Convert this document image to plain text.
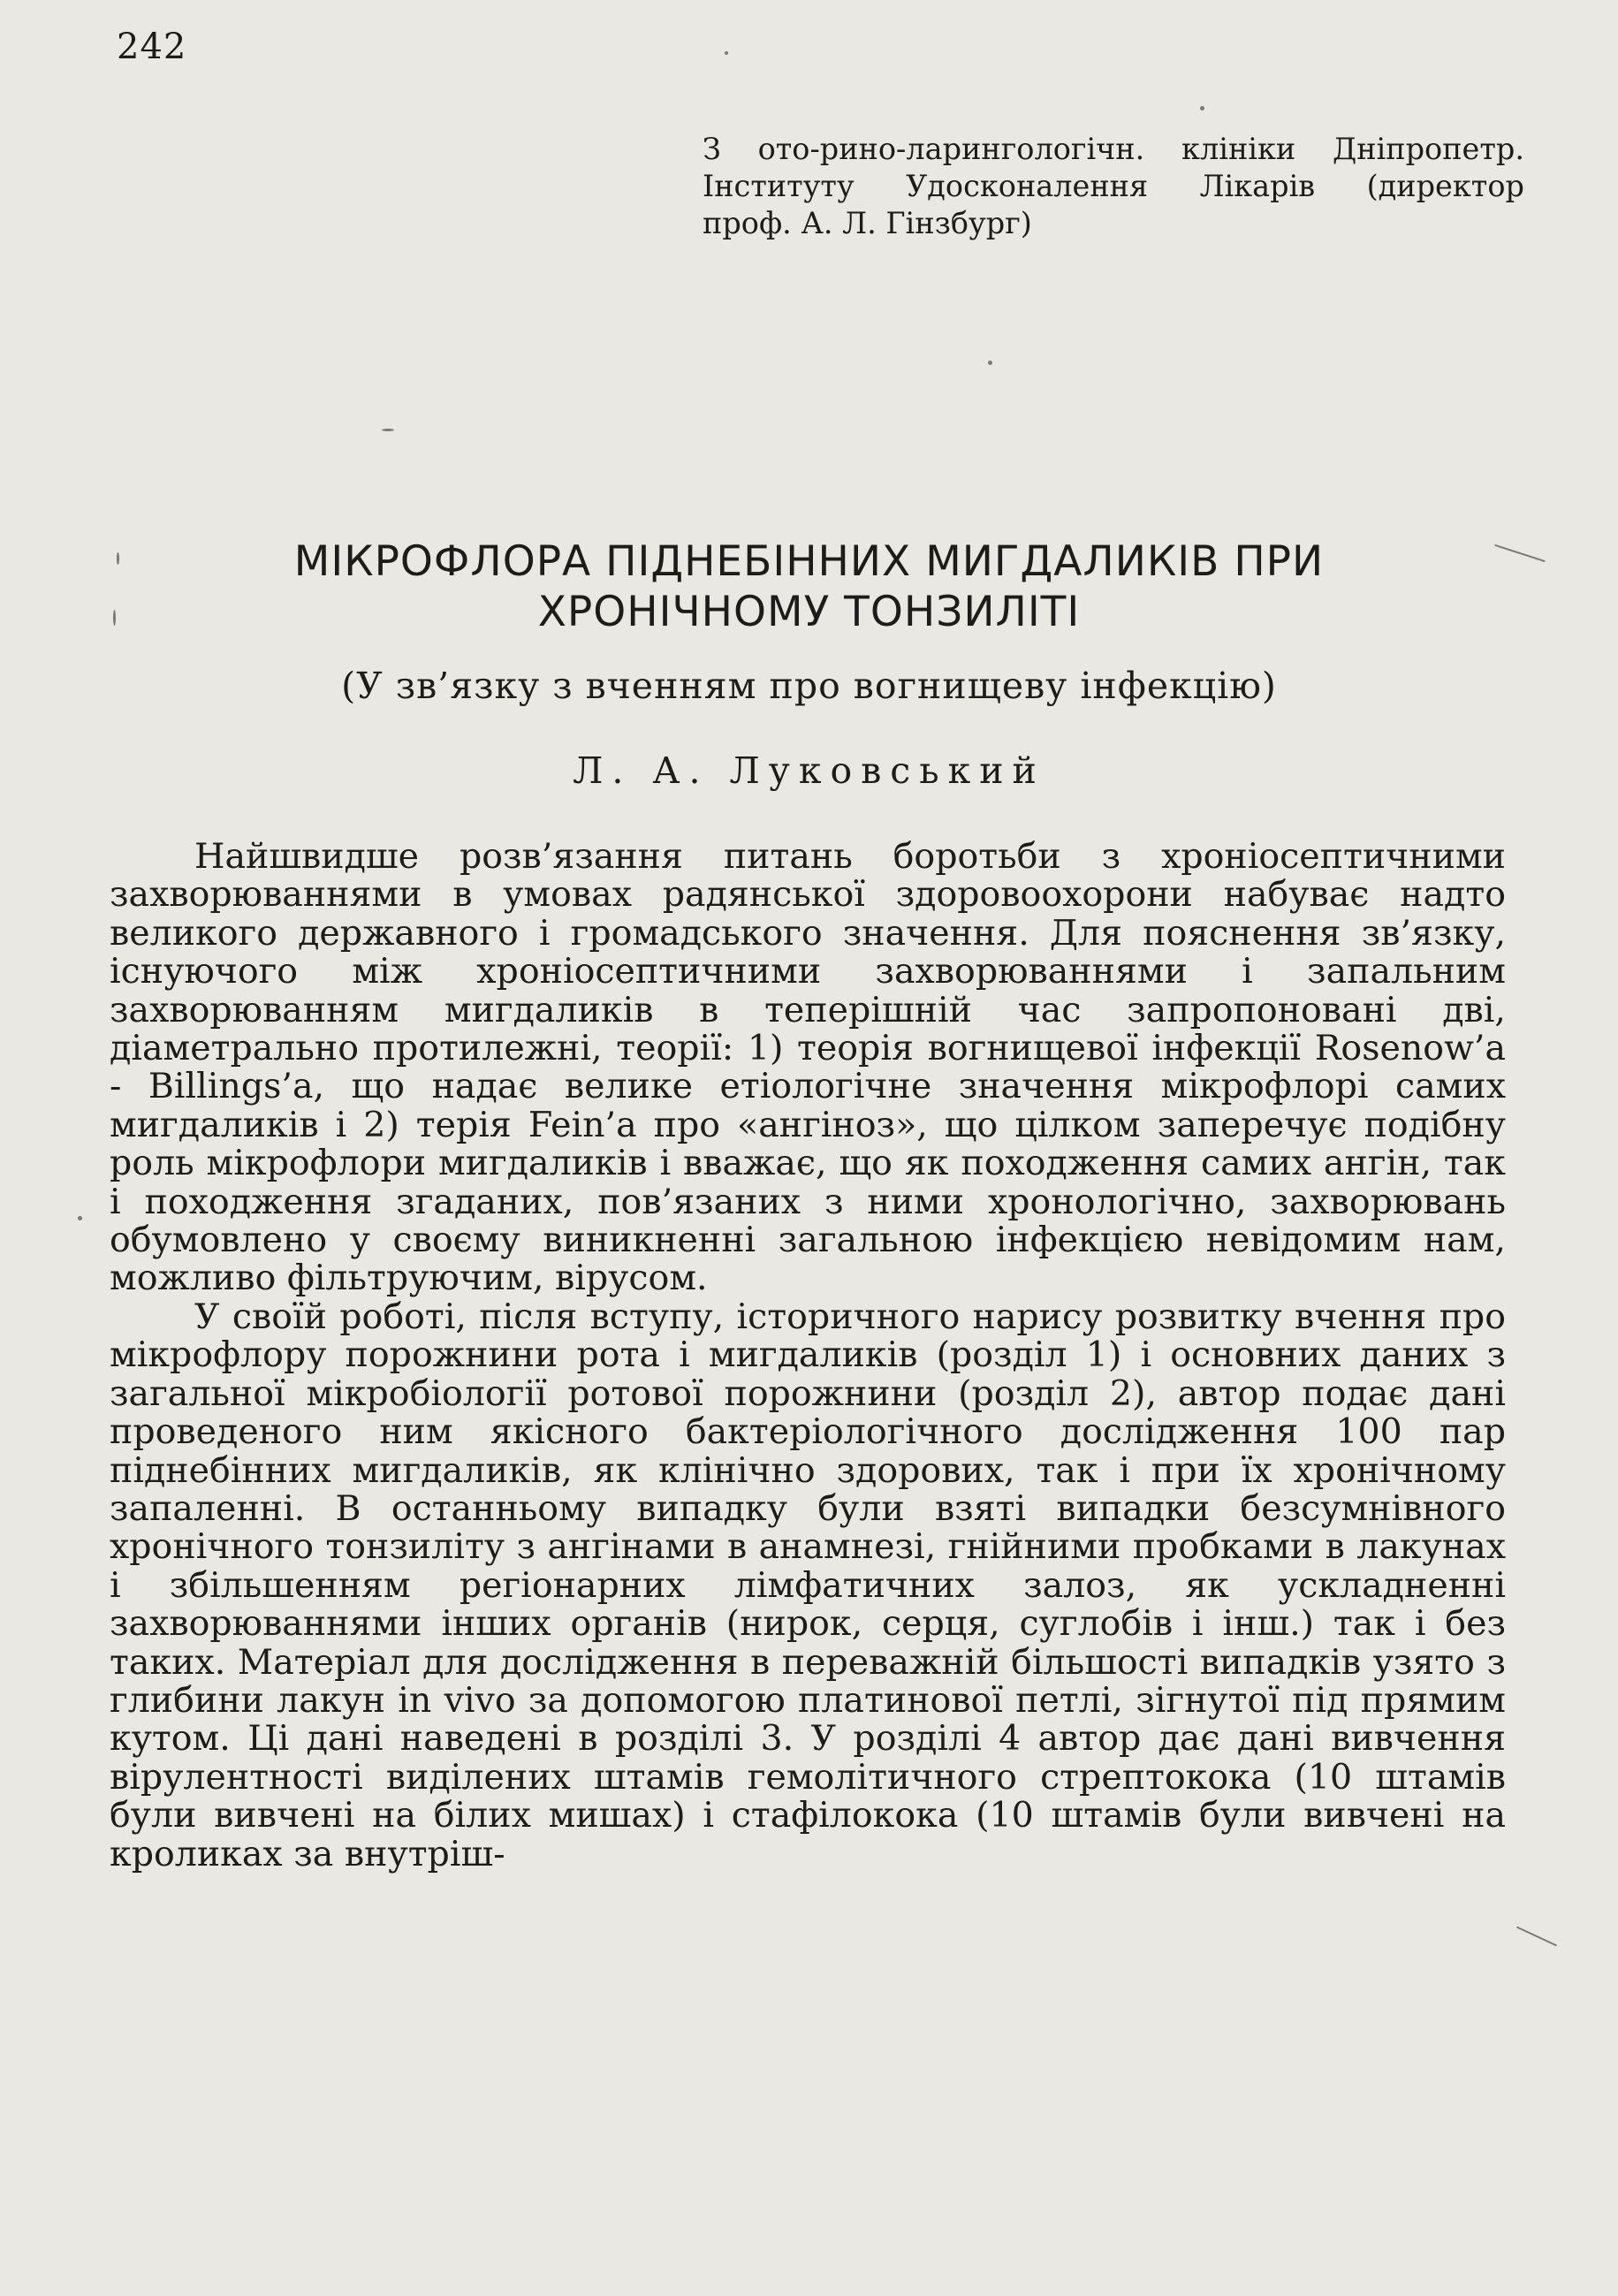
242
З ото-рино-ларингологічн. клініки Дніпропетр.
Інституту Удосконалення Лікарів (директор
проф. А. Л. Гінзбург)
МІКРОФЛОРА ПІДНЕБІННИХ МИГДАЛИКІВ ПРИ
ХРОНІЧНОМУ ТОНЗИЛІТІ
(У зв’язку з вченням про вогнищеву інфекцію)
Л. А. Луковський

Найшвидше розв’язання питань боротьби з хроніосептичними захворюваннями в умовах радянської здоровоохорони набуває надто великого державного і громадського значення. Для пояснення зв’язку, існуючого між хроніосептичними захворюваннями і запальним захворюванням мигдаликів в теперішній час запропоновані дві, діаметрально протилежні, теорії: 1) теорія вогнищевої інфекції Rosenow’a - Billings’a, що надає велике етіологічне значення мікрофлорі самих мигдаликів і 2) терія Fein’a про «ангіноз», що цілком заперечує подібну роль мікрофлори мигдаликів і вважає, що як походження самих ангін, так і походження згаданих, пов’язаних з ними хронологічно, захворювань обумовлено у своєму виникненні загальною інфекцією невідомим нам, можливо фільтруючим, вірусом.

У своїй роботі, після вступу, історичного нарису розвитку вчення про мікрофлору порожнини рота і мигдаликів (розділ 1) і основних даних з загальної мікробіології ротової порожнини (розділ 2), автор подає дані проведеного ним якісного бактеріологічного дослідження 100 пар піднебінних мигдаликів, як клінічно здорових, так і при їх хронічному запаленні. В останньому випадку були взяті випадки безсумнівного хронічного тонзиліту з ангінами в анамнезі, гнійними пробками в лакунах і збільшенням регіонарних лімфатичних залоз, як ускладненні захворюваннями інших органів (нирок, серця, суглобів і інш.) так і без таких. Матеріал для дослідження в переважній більшості випадків узято з глибини лакун in vivo за допомогою платинової петлі, зігнутої під прямим кутом. Ці дані наведені в розділі 3. У розділі 4 автор дає дані вивчення вірулентності виділених штамів гемолітичного стрептокока (10 штамів були вивчені на білих мишах) і стафілокока (10 штамів були вивчені на кроликах за внутріш-
